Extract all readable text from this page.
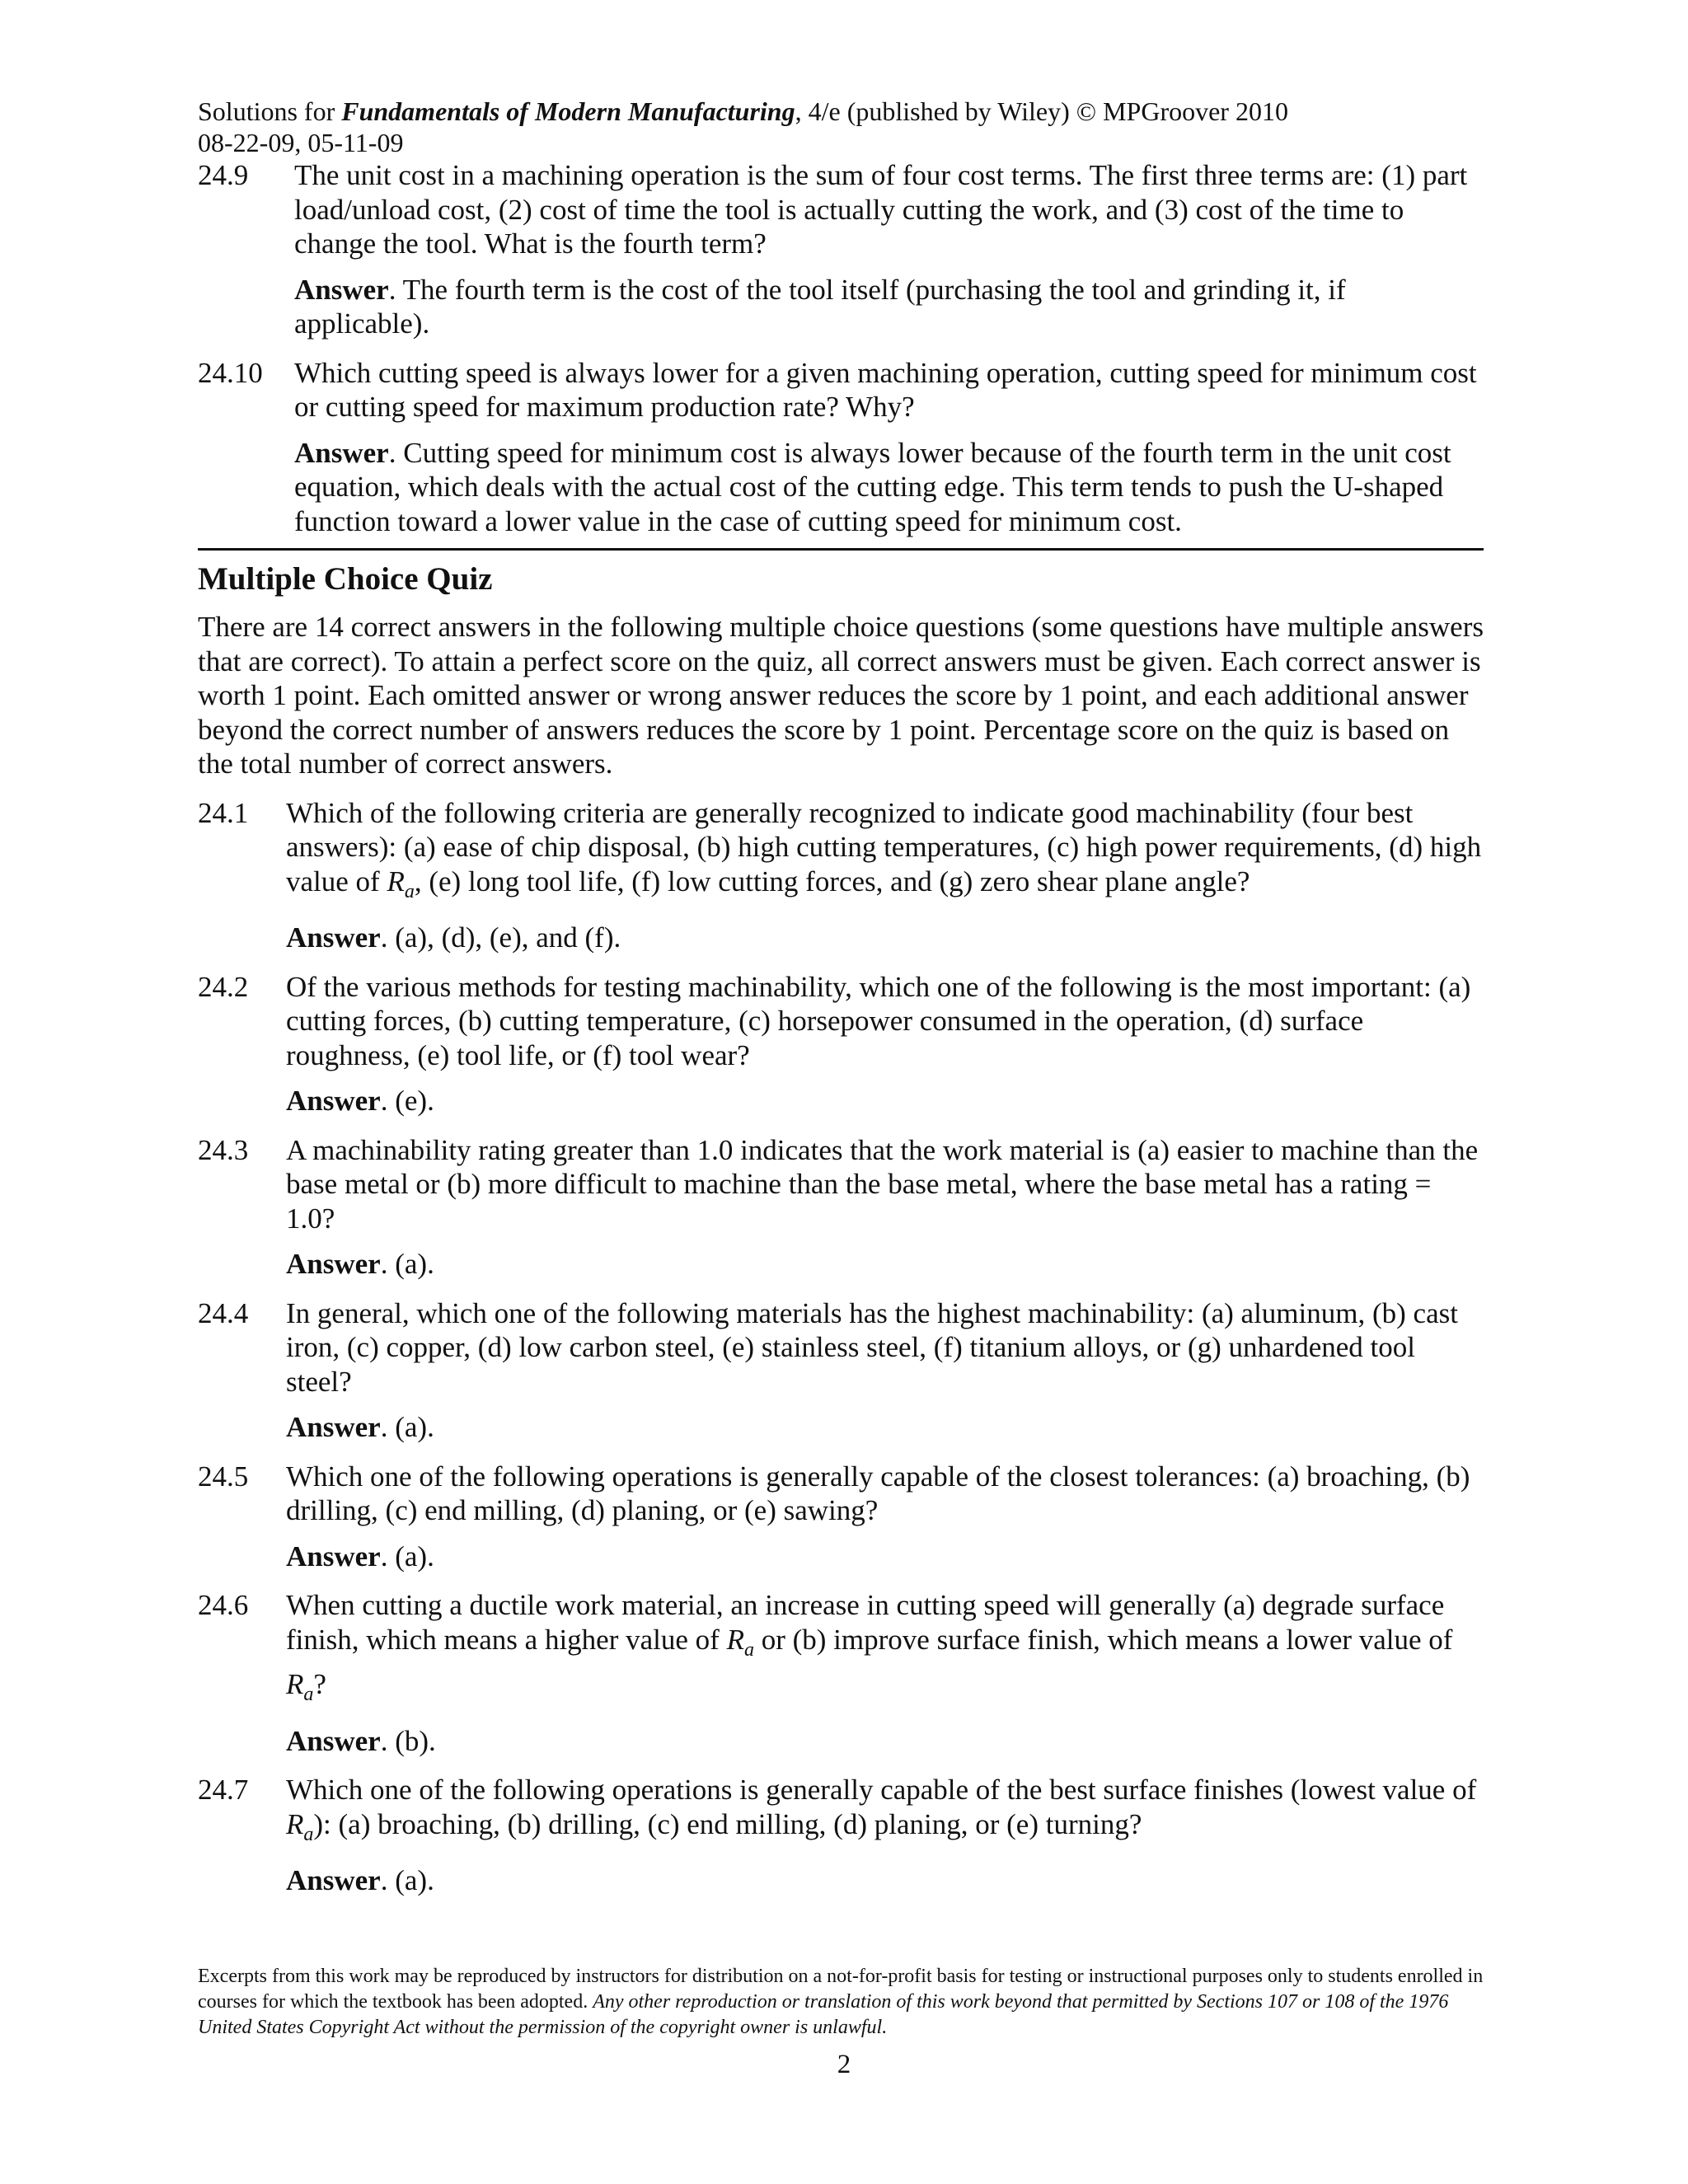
Solutions for Fundamentals of Modern Manufacturing, 4/e (published by Wiley) © MPGroover 2010
08-22-09, 05-11-09
24.9	The unit cost in a machining operation is the sum of four cost terms. The first three terms are: (1) part load/unload cost, (2) cost of time the tool is actually cutting the work, and (3) cost of the time to change the tool. What is the fourth term?
Answer. The fourth term is the cost of the tool itself (purchasing the tool and grinding it, if applicable).
24.10	Which cutting speed is always lower for a given machining operation, cutting speed for minimum cost or cutting speed for maximum production rate? Why?
Answer. Cutting speed for minimum cost is always lower because of the fourth term in the unit cost equation, which deals with the actual cost of the cutting edge. This term tends to push the U-shaped function toward a lower value in the case of cutting speed for minimum cost.
Multiple Choice Quiz
There are 14 correct answers in the following multiple choice questions (some questions have multiple answers that are correct). To attain a perfect score on the quiz, all correct answers must be given. Each correct answer is worth 1 point. Each omitted answer or wrong answer reduces the score by 1 point, and each additional answer beyond the correct number of answers reduces the score by 1 point. Percentage score on the quiz is based on the total number of correct answers.
24.1	Which of the following criteria are generally recognized to indicate good machinability (four best answers): (a) ease of chip disposal, (b) high cutting temperatures, (c) high power requirements, (d) high value of $R_a$, (e) long tool life, (f) low cutting forces, and (g) zero shear plane angle?
Answer. (a), (d), (e), and (f).
24.2	Of the various methods for testing machinability, which one of the following is the most important: (a) cutting forces, (b) cutting temperature, (c) horsepower consumed in the operation, (d) surface roughness, (e) tool life, or (f) tool wear?
Answer. (e).
24.3	A machinability rating greater than 1.0 indicates that the work material is (a) easier to machine than the base metal or (b) more difficult to machine than the base metal, where the base metal has a rating = 1.0?
Answer. (a).
24.4	In general, which one of the following materials has the highest machinability: (a) aluminum, (b) cast iron, (c) copper, (d) low carbon steel, (e) stainless steel, (f) titanium alloys, or (g) unhardened tool steel?
Answer. (a).
24.5	Which one of the following operations is generally capable of the closest tolerances: (a) broaching, (b) drilling, (c) end milling, (d) planing, or (e) sawing?
Answer. (a).
24.6	When cutting a ductile work material, an increase in cutting speed will generally (a) degrade surface finish, which means a higher value of $R_a$ or (b) improve surface finish, which means a lower value of $R_a$?
Answer. (b).
24.7	Which one of the following operations is generally capable of the best surface finishes (lowest value of $R_a$): (a) broaching, (b) drilling, (c) end milling, (d) planing, or (e) turning?
Answer. (a).
Excerpts from this work may be reproduced by instructors for distribution on a not-for-profit basis for testing or instructional purposes only to students enrolled in courses for which the textbook has been adopted. Any other reproduction or translation of this work beyond that permitted by Sections 107 or 108 of the 1976 United States Copyright Act without the permission of the copyright owner is unlawful.
2
